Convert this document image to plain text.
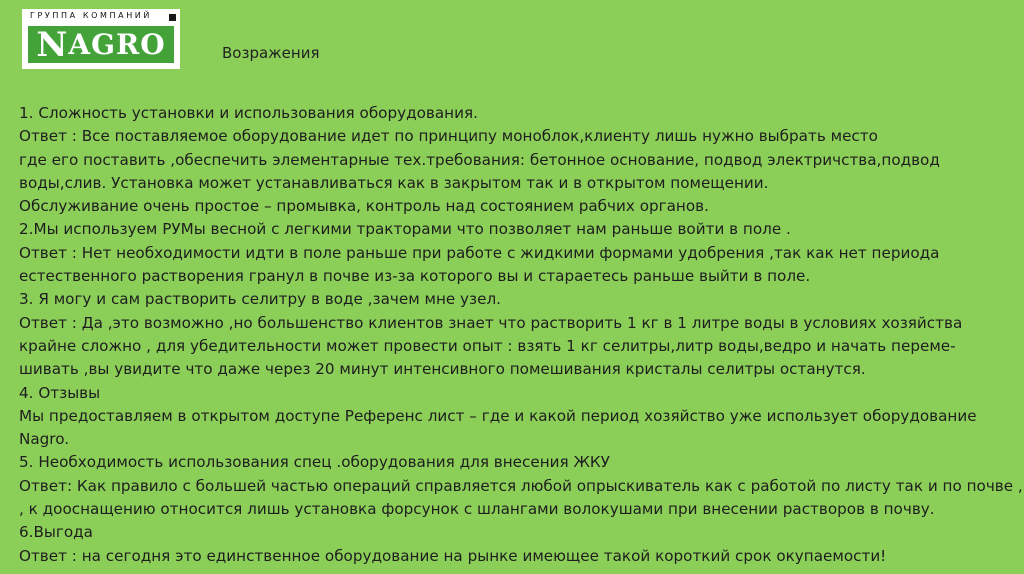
ГРУППА КОМПАНИЙ
N AGRO	Возражения
1. Сложность установки и использования оборудования.
Ответ : Все поставляемое оборудование идет по принципу моноблок,клиенту лишь нужно выбрать место
где его поставить ,обеспечить элементарные тех.требования: бетонное основание, подвод электричства,подвод
воды,слив. Установка может устанавливаться как в закрытом так и в открытом помещении.
Обслуживание очень простое – промывка, контроль над состоянием рабчих органов.
2.Мы используем РУМы весной с легкими тракторами что позволяет нам раньше войти в поле .
Ответ : Нет необходимости идти в поле раньше при работе с жидкими формами удобрения ,так как нет периода
естественного растворения гранул в почве из-за которого вы и стараетесь раньше выйти в поле.
3. Я могу и сам растворить селитру в воде ,зачем мне узел.
Ответ : Да ,это возможно ,но большенство клиентов знает что растворить 1 кг в 1 литре воды в условиях хозяйства
крайне сложно , для убедительности может провести опыт : взять 1 кг селитры,литр воды,ведро и начать переме-
шивать ,вы увидите что даже через 20 минут интенсивного помешивания кристалы селитры останутся.
4. Отзывы
Мы предоставляем в открытом доступе Референс лист – где и какой период хозяйство уже использует оборудование
Nagro.
5. Необходимость использования спец .оборудования для внесения ЖКУ
Ответ: Как правило с большей частью операций справляется любой опрыскиватель как с работой по листу так и по почве ,
, к дооснащению относится лишь установка форсунок с шлангами волокушами при внесении растворов в почву.
6.Выгода
Ответ : на сегодня это единственное оборудование на рынке имеющее такой короткий срок окупаемости!
